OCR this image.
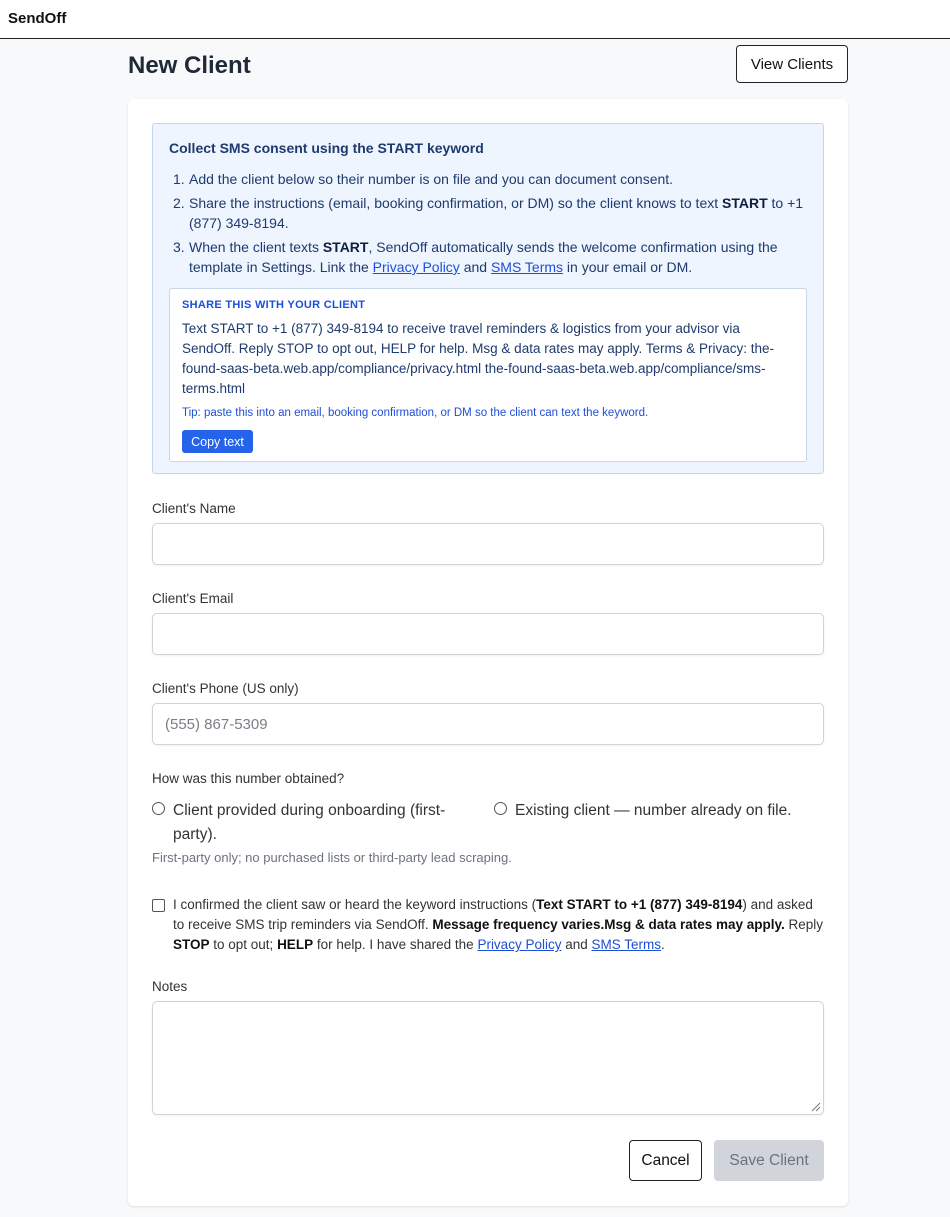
SendOff
New Client	View Clients
Collect SMS consent using the START keyword
1. Add the client below so their number is on file and you can document consent.
2. Share the instructions (email, booking confirmation, or DM) so the client knows to text START to +1 (877) 349-8194.
3. When the client texts START, SendOff automatically sends the welcome confirmation using the template in Settings. Link the Privacy Policy and SMS Terms in your email or DM.
SHARE THIS WITH YOUR CLIENT
Text START to +1 (877) 349-8194 to receive travel reminders & logistics from your advisor via SendOff. Reply STOP to opt out, HELP for help. Msg & data rates may apply. Terms & Privacy: the-found-saas-beta.web.app/compliance/privacy.html the-found-saas-beta.web.app/compliance/sms-terms.html
Tip: paste this into an email, booking confirmation, or DM so the client can text the keyword.
Copy text
Client's Name
Client's Email
Client's Phone (US only)
(555) 867-5309
How was this number obtained?
Client provided during onboarding (first-
party).
Existing client — number already on file.
First-party only; no purchased lists or third-party lead scraping.
I confirmed the client saw or heard the keyword instructions (Text START to +1 (877) 349-8194) and asked to receive SMS trip reminders via SendOff. Message frequency varies.Msg & data rates may apply. Reply STOP to opt out; HELP for help. I have shared the Privacy Policy and SMS Terms.
Notes
Cancel	Save Client
